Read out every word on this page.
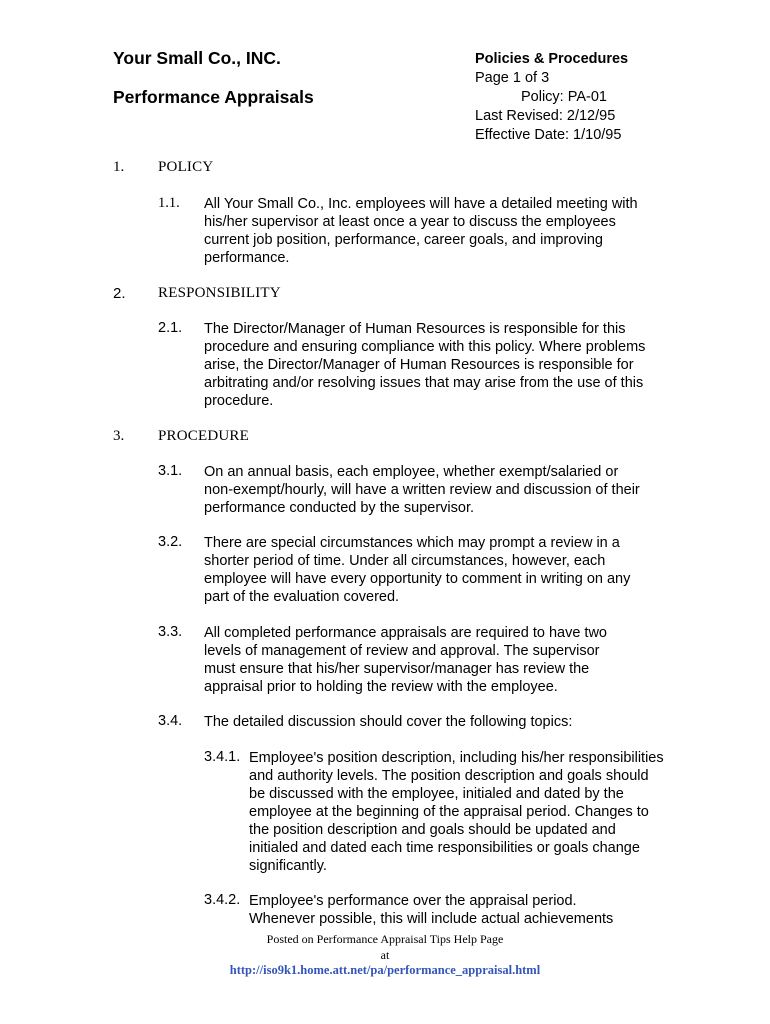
Your Small Co., INC.
Performance Appraisals
Policies & Procedures
Page 1 of 3
Policy: PA-01
Last Revised: 2/12/95
Effective Date: 1/10/95
1. POLICY
1.1. All Your Small Co., Inc. employees will have a detailed meeting with his/her supervisor at least once a year to discuss the employees current job position, performance, career goals, and improving performance.
2. RESPONSIBILITY
2.1. The Director/Manager of Human Resources is responsible for this procedure and ensuring compliance with this policy. Where problems arise, the Director/Manager of Human Resources is responsible for arbitrating and/or resolving issues that may arise from the use of this procedure.
3. PROCEDURE
3.1. On an annual basis, each employee, whether exempt/salaried or non-exempt/hourly, will have a written review and discussion of their performance conducted by the supervisor.
3.2. There are special circumstances which may prompt a review in a shorter period of time. Under all circumstances, however, each employee will have every opportunity to comment in writing on any part of the evaluation covered.
3.3. All completed performance appraisals are required to have two levels of management of review and approval. The supervisor must ensure that his/her supervisor/manager has review the appraisal prior to holding the review with the employee.
3.4. The detailed discussion should cover the following topics:
3.4.1. Employee's position description, including his/her responsibilities and authority levels. The position description and goals should be discussed with the employee, initialed and dated by the employee at the beginning of the appraisal period. Changes to the position description and goals should be updated and initialed and dated each time responsibilities or goals change significantly.
3.4.2. Employee's performance over the appraisal period. Whenever possible, this will include actual achievements
Posted on Performance Appraisal Tips Help Page
at
http://iso9k1.home.att.net/pa/performance_appraisal.html
